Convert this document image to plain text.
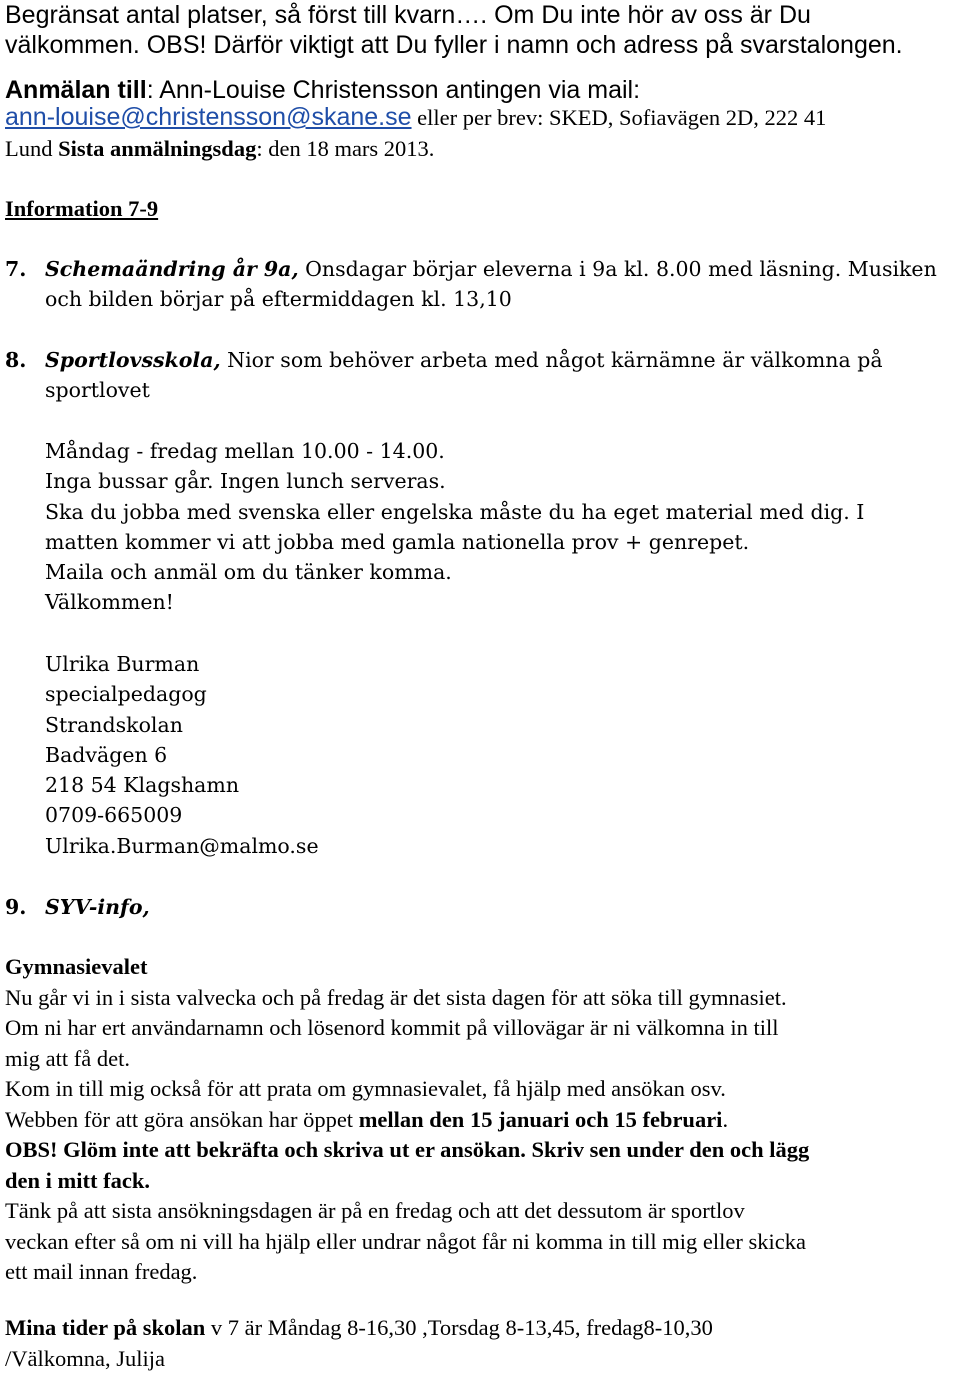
Begränsat antal platser, så först till kvarn…. Om Du inte hör av oss är Du
välkommen. OBS! Därför viktigt att Du fyller i namn och adress på svarstalongen.
Anmälan till: Ann-Louise Christensson antingen via mail:
ann-louise@christensson@skane.se eller per brev: SKED, Sofiavägen 2D, 222 41
Lund Sista anmälningsdag: den 18 mars 2013.
Information 7-9
7. Schemaändring år 9a, Onsdagar börjar eleverna i 9a kl. 8.00 med läsning. Musiken
och bilden börjar på eftermiddagen kl. 13,10
8. Sportlovsskola, Nior som behöver arbeta med något kärnämne är välkomna på
sportlovet
Måndag - fredag mellan 10.00 - 14.00.
Inga bussar går. Ingen lunch serveras.
Ska du jobba med svenska eller engelska måste du ha eget material med dig. I
matten kommer vi att jobba med gamla nationella prov + genrepet.
Maila och anmäl om du tänker komma.
Välkommen!
Ulrika Burman
specialpedagog
Strandskolan
Badvägen 6
218 54 Klagshamn
0709-665009
Ulrika.Burman@malmo.se
9. SYV-info,
Gymnasievalet
Nu går vi in i sista valvecka och på fredag är det sista dagen för att söka till gymnasiet.
Om ni har ert användarnamn och lösenord kommit på villovägar är ni välkomna in till
mig att få det.
Kom in till mig också för att prata om gymnasievalet, få hjälp med ansökan osv.
Webben för att göra ansökan har öppet mellan den 15 januari och 15 februari.
OBS! Glöm inte att bekräfta och skriva ut er ansökan. Skriv sen under den och lägg
den i mitt fack.
Tänk på att sista ansökningsdagen är på en fredag och att det dessutom är sportlov
veckan efter så om ni vill ha hjälp eller undrar något får ni komma in till mig eller skicka
ett mail innan fredag.
Mina tider på skolan v 7 är Måndag 8-16,30 ,Torsdag 8-13,45, fredag8-10,30
/Välkomna, Julija
